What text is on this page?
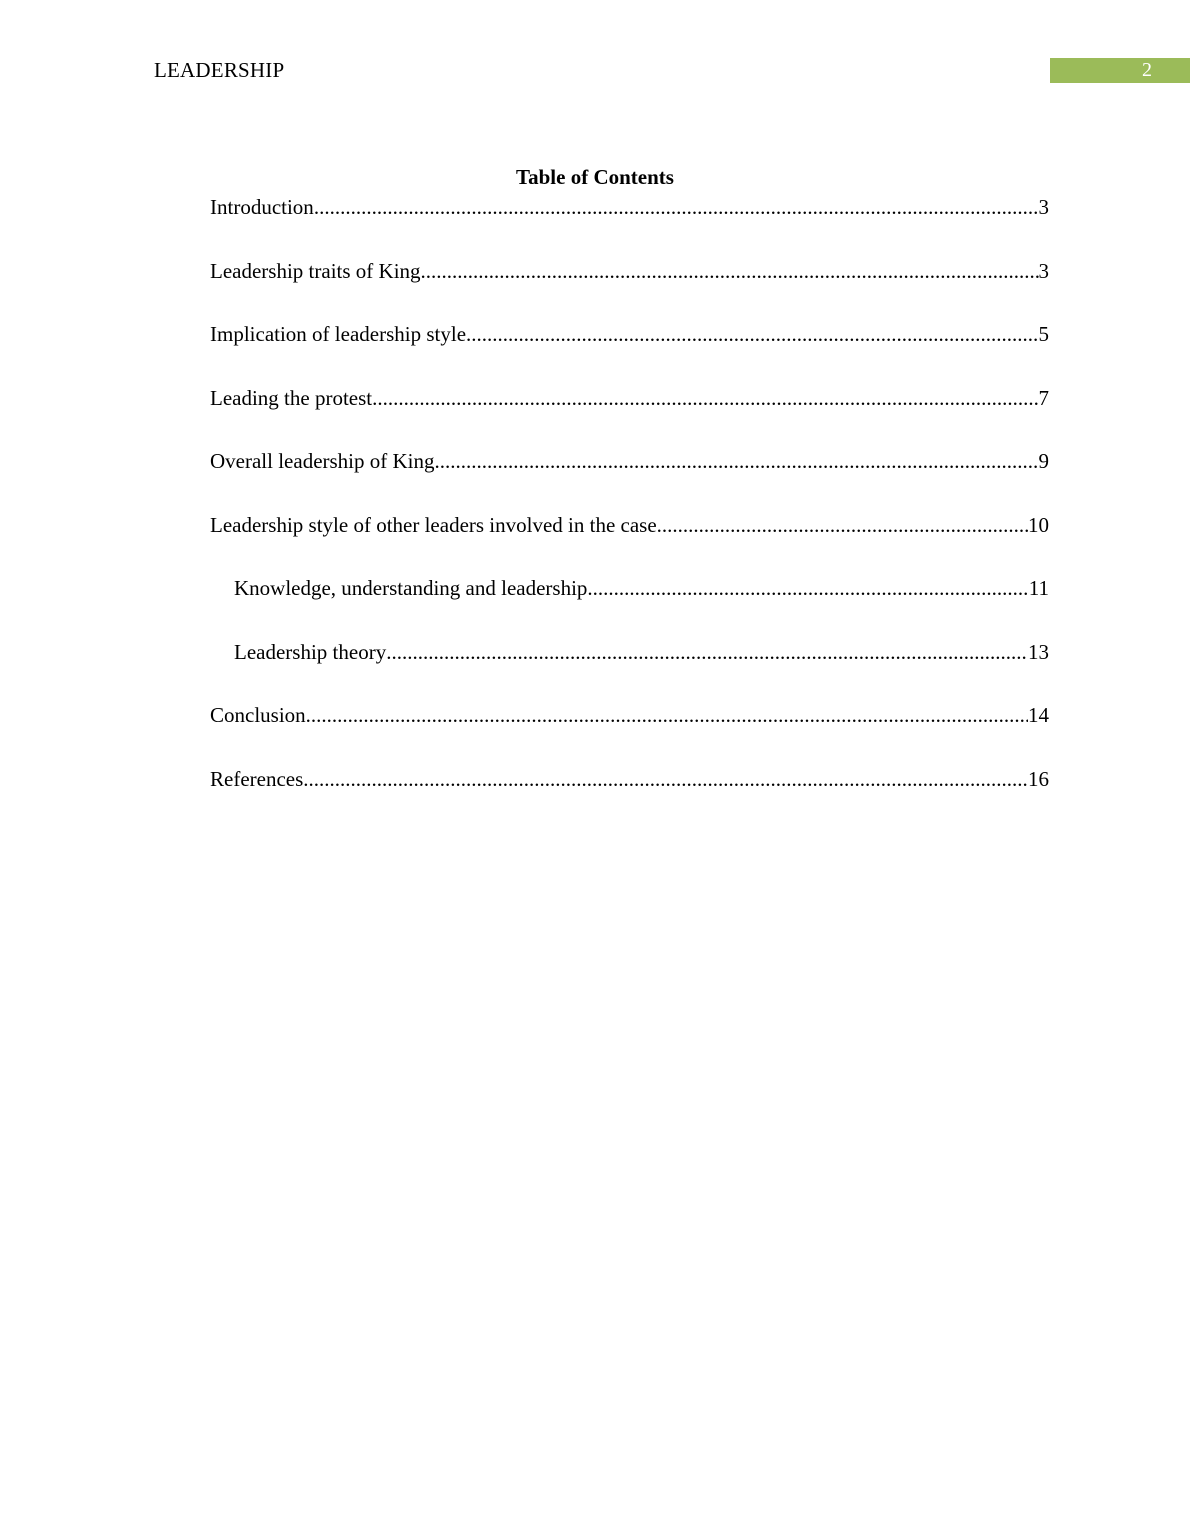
LEADERSHIP	2
Table of Contents
Introduction .....	3
Leadership traits of King .....	3
Implication of leadership style .....	5
Leading the protest .....	7
Overall leadership of King .....	9
Leadership style of other leaders involved in the case .....	10
Knowledge, understanding and leadership .....	11
Leadership theory .....	13
Conclusion .....	14
References .....	16
